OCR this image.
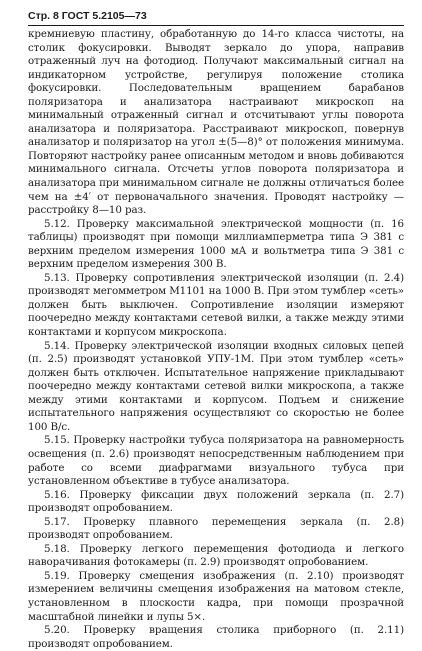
Стр. 8 ГОСТ 5.2105—73

кремниевую пластину, обработанную до 14-го класса чистоты, на столик фокусировки. Выводят зеркало до упора, направив отраженный луч на фотодиод. Получают максимальный сигнал на индикаторном устройстве, регулируя положение столика фокусировки. Последовательным вращением барабанов поляризатора и анализатора настраивают микроскоп на минимальный отраженный сигнал и отсчитывают углы поворота анализатора и поляризатора. Расстраивают микроскоп, повернув анализатор и поляризатор на угол ±(5—8)° от положения минимума. Повторяют настройку ранее описанным методом и вновь добиваются минимального сигнала. Отсчеты углов поворота поляризатора и анализатора при минимальном сигнале не должны отличаться более чем на ±4′ от первоначального значения. Проводят настройку — расстройку 8—10 раз.

5.12. Проверку максимальной электрической мощности (п. 16 таблицы) производят при помощи миллиамперметра типа Э 381 с верхним пределом измерения 1000 мА и вольтметра типа Э 381 с верхним пределом измерения 300 В.

5.13. Проверку сопротивления электрической изоляции (п. 2.4) производят мегомметром М1101 на 1000 В. При этом тумблер «сеть» должен быть выключен. Сопротивление изоляции измеряют поочередно между контактами сетевой вилки, а также между этими контактами и корпусом микроскопа.

5.14. Проверку электрической изоляции входных силовых цепей (п. 2.5) производят установкой УПУ-1М. При этом тумблер «сеть» должен быть отключен. Испытательное напряжение прикладывают поочередно между контактами сетевой вилки микроскопа, а также между этими контактами и корпусом. Подъем и снижение испытательного напряжения осуществляют со скоростью не более 100 В/с.

5.15. Проверку настройки тубуса поляризатора на равномерность освещения (п. 2.6) производят непосредственным наблюдением при работе со всеми диафрагмами визуального тубуса при установленном объективе в тубусе анализатора.

5.16. Проверку фиксации двух положений зеркала (п. 2.7) производят опробованием.

5.17. Проверку плавного перемещения зеркала (п. 2.8) производят опробованием.

5.18. Проверку легкого перемещения фотодиода и легкого наворачивания фотокамеры (п. 2.9) производят опробованием.

5.19. Проверку смещения изображения (п. 2.10) производят измерением величины смещения изображения на матовом стекле, установленном в плоскости кадра, при помощи прозрачной масштабной линейки и лупы 5×.

5.20. Проверку вращения столика приборного (п. 2.11) производят опробованием.
